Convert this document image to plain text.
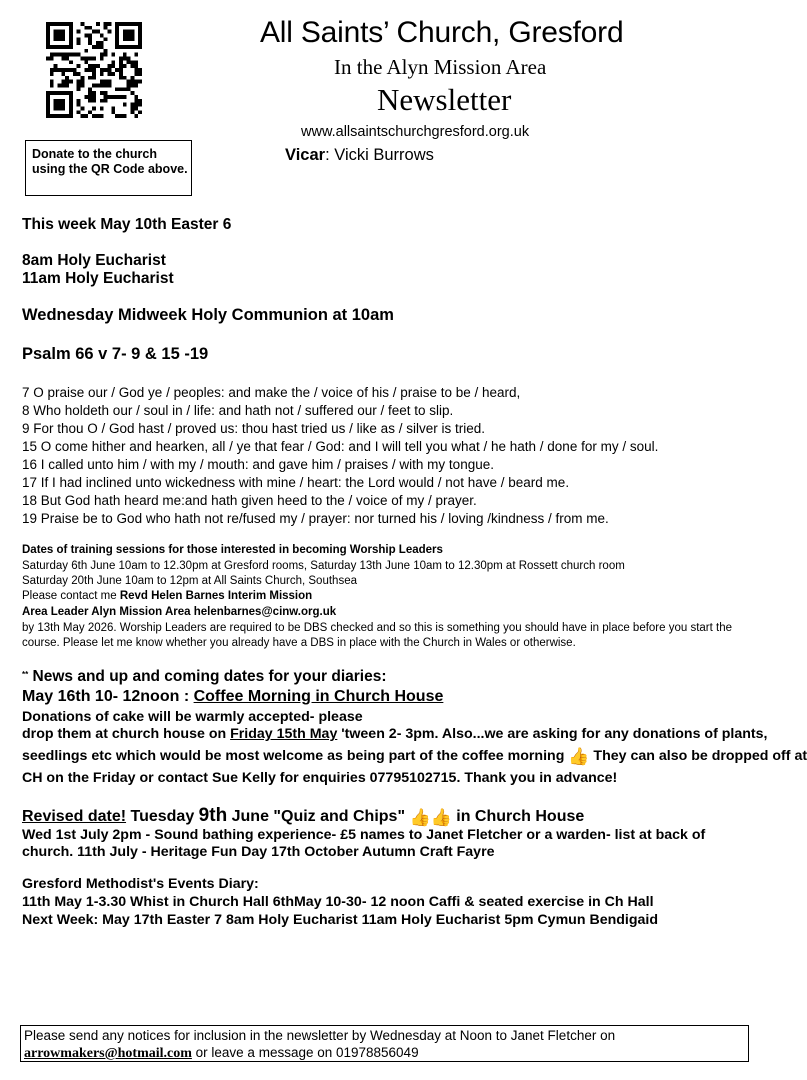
Donate to the church using the QR Code above.
All Saints’ Church, Gresford
In the Alyn Mission Area
Newsletter
www.allsaintschurchgresford.org.uk
Vicar: Vicki Burrows
This week May 10th Easter 6
8am Holy Eucharist
11am Holy Eucharist
Wednesday Midweek Holy Communion at 10am
Psalm 66 v 7- 9 & 15 -19
7 O praise our / God ye / peoples: and make the / voice of his / praise to be / heard,
8 Who holdeth our / soul in / life: and hath not / suffered our / feet to slip.
9 For thou O / God hast / proved us: thou hast tried us / like as / silver is tried.
15 O come hither and hearken, all / ye that fear / God: and I will tell you what / he hath / done for my / soul.
16 I called unto him / with my / mouth: and gave him / praises / with my tongue.
17 If I had inclined unto wickedness with mine / heart: the Lord would / not have / beard me.
18 But God hath heard me:and hath given heed to the / voice of my / prayer.
19 Praise be to God who hath not re/fused my / prayer: nor turned his / loving /kindness / from me.
Dates of training sessions for those interested in becoming Worship Leaders
Saturday 6th June 10am to 12.30pm at Gresford rooms, Saturday 13th June 10am to 12.30pm at Rossett church room
Saturday 20th June 10am to 12pm at All Saints Church, Southsea
Please contact me Revd Helen Barnes Interim Mission
Area Leader Alyn Mission Area helenbarnes@cinw.org.uk
by 13th May 2026. Worship Leaders are required to be DBS checked and so this is something you should have in place before you start the
course. Please let me know whether you already have a DBS in place with the Church in Wales or otherwise.
** News and up and coming dates for your diaries:
May 16th 10- 12noon : Coffee Morning in Church House
Donations of cake will be warmly accepted- please
drop them at church house on Friday 15th May 'tween 2- 3pm. Also...we are asking for any donations of plants,
seedlings etc which would be most welcome as being part of the coffee morning 👍 They can also be dropped off at
CH on the Friday or contact Sue Kelly for enquiries 07795102715. Thank you in advance!
Revised date! Tuesday 9th June "Quiz and Chips" 👍👍 in Church House
Wed 1st July 2pm - Sound bathing experience- £5 names to Janet Fletcher or a warden- list at back of
church. 11th July - Heritage Fun Day 17th October Autumn Craft Fayre
Gresford Methodist's Events Diary:
11th May 1-3.30 Whist in Church Hall 6thMay 10-30- 12 noon Caffi & seated exercise in Ch Hall
Next Week: May 17th Easter 7 8am Holy Eucharist 11am Holy Eucharist 5pm Cymun Bendigaid
Please send any notices for inclusion in the newsletter by Wednesday at Noon to Janet Fletcher on
arrowmakers@hotmail.com or leave a message on 01978856049
